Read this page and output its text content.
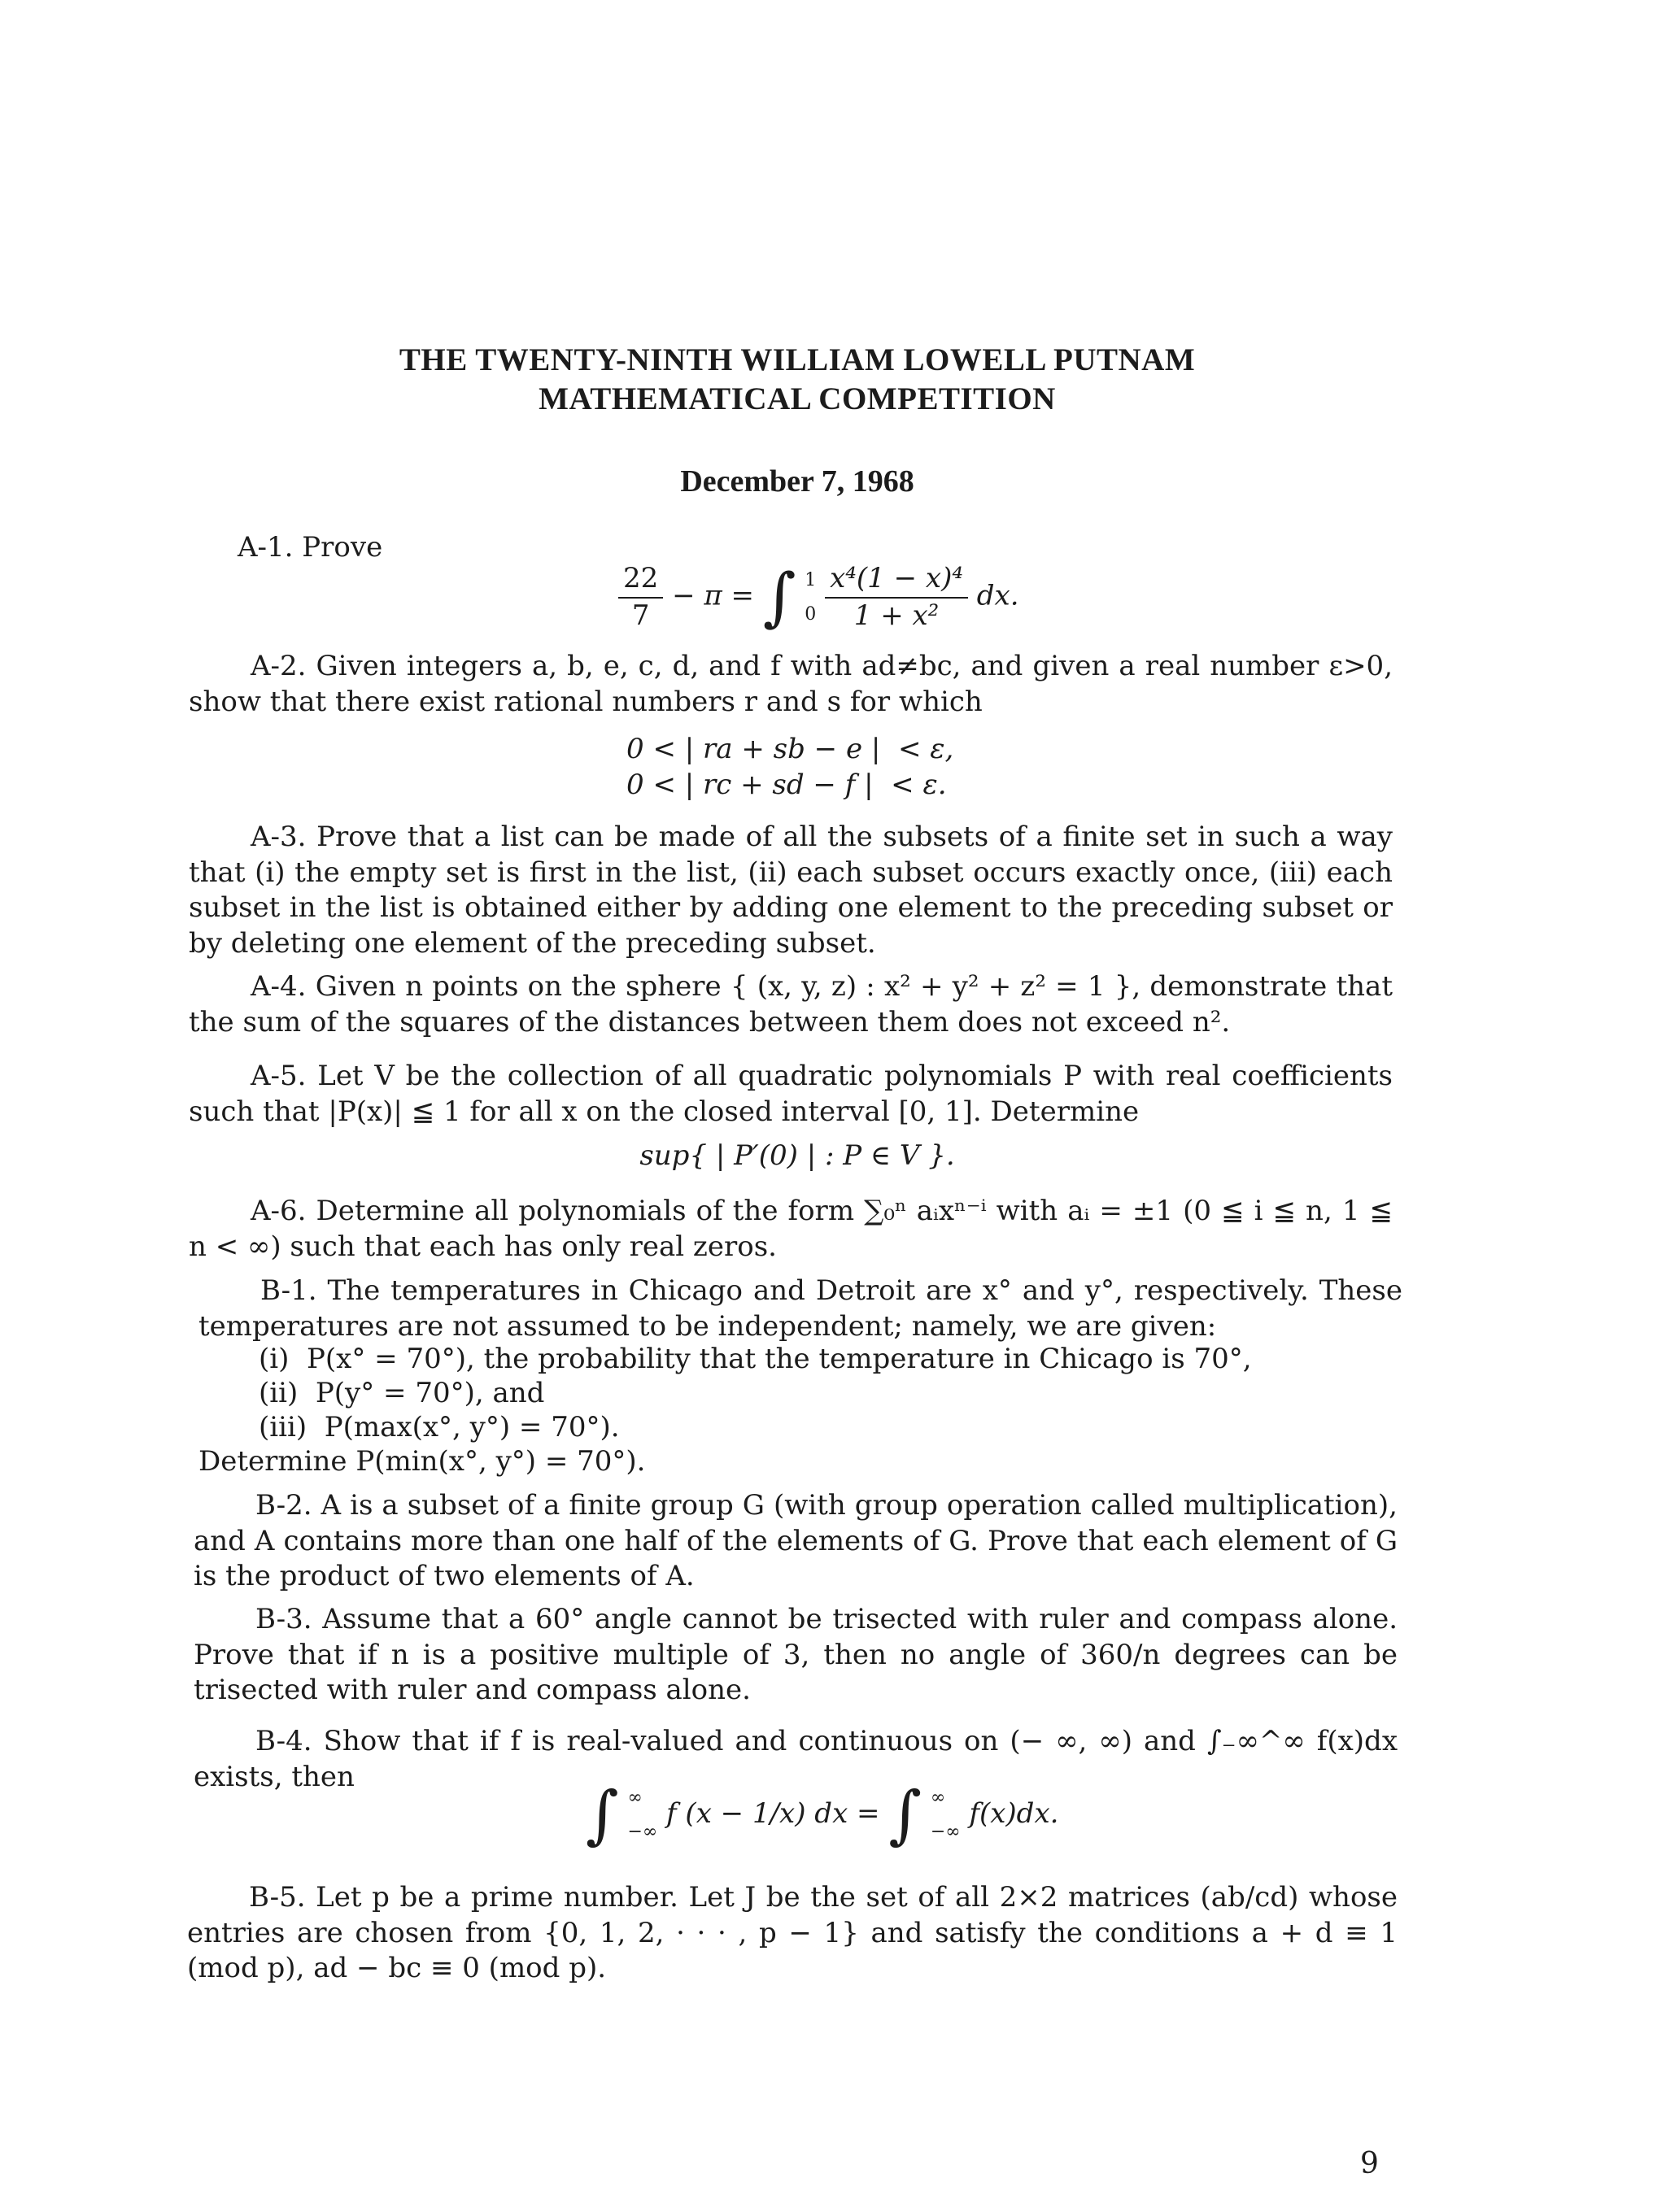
THE TWENTY-NINTH WILLIAM LOWELL PUTNAM
MATHEMATICAL COMPETITION
December 7, 1968
A-1. Prove
$\frac{22}{7} - \pi$ = ∫ 1
0
$\frac{\text{x⁴(1 − x)⁴}}{\text{1 + x²}}$ dx.

A-2. Given integers a, b, e, c, d, and f with ad≠bc, and given a real number ε>0, show that there exist rational numbers r and s for which

0 < | ra + sb − e |  < ε,
0 < | rc + sd − f |  < ε.

A-3. Prove that a list can be made of all the subsets of a finite set in such a way that (i) the empty set is first in the list, (ii) each subset occurs exactly once, (iii) each subset in the list is obtained either by adding one element to the preceding subset or by deleting one element of the preceding subset.

A-4. Given n points on the sphere { (x, y, z) : x² + y² + z² = 1 }, demonstrate that the sum of the squares of the distances between them does not exceed n².

A-5. Let V be the collection of all quadratic polynomials P with real coefficients such that |P(x)| ≦ 1 for all x on the closed interval [0, 1]. Determine

sup{ | P′(0) | : P ∈ V }.

A-6. Determine all polynomials of the form ∑₀ⁿ aᵢxⁿ⁻ⁱ with aᵢ = ±1 (0 ≦ i ≦ n, 1 ≦ n < ∞) such that each has only real zeros.

B-1. The temperatures in Chicago and Detroit are x° and y°, respectively. These temperatures are not assumed to be independent; namely, we are given:

(i)  P(x° = 70°), the probability that the temperature in Chicago is 70°,
(ii)  P(y° = 70°), and
(iii)  P(max(x°, y°) = 70°).
Determine P(min(x°, y°) = 70°).

B-2. A is a subset of a finite group G (with group operation called multiplication), and A contains more than one half of the elements of G. Prove that each element of G is the product of two elements of A.

B-3. Assume that a 60° angle cannot be trisected with ruler and compass alone. Prove that if n is a positive multiple of 3, then no angle of 360/n degrees can be trisected with ruler and compass alone.

B-4. Show that if f is real-valued and continuous on (− ∞, ∞) and ∫₋∞^∞ f(x)dx exists, then

∫ ∞
−∞
f (x − 1/x) dx = ∫ ∞
−∞
f(x)dx.

B-5. Let p be a prime number. Let J be the set of all 2×2 matrices (ab/cd) whose entries are chosen from {0, 1, 2, · · · , p − 1} and satisfy the conditions a + d ≡ 1 (mod p), ad − bc ≡ 0 (mod p).

9
